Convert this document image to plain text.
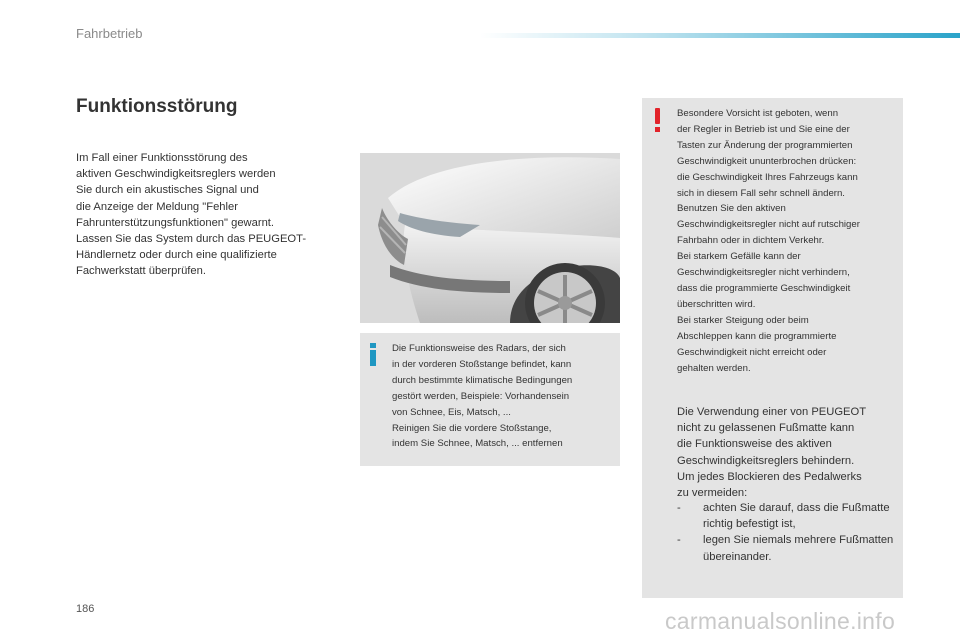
Fahrbetrieb
Funktionsstörung
Im Fall einer Funktionsstörung des
aktiven Geschwindigkeitsreglers werden
Sie durch ein akustisches Signal und
die Anzeige der Meldung "Fehler
Fahrunterstützungsfunktionen" gewarnt.
Lassen Sie das System durch das PEUGEOT-
Händlernetz oder durch eine qualifizierte
Fachwerkstatt überprüfen.
Die Funktionsweise des Radars, der sich
in der vorderen Stoßstange befindet, kann
durch bestimmte klimatische Bedingungen
gestört werden, Beispiele: Vorhandensein
von Schnee, Eis, Matsch, ...
Reinigen Sie die vordere Stoßstange,
indem Sie Schnee, Matsch, ... entfernen
Besondere Vorsicht ist geboten, wenn
der Regler in Betrieb ist und Sie eine der
Tasten zur Änderung der programmierten
Geschwindigkeit ununterbrochen drücken:
die Geschwindigkeit Ihres Fahrzeugs kann
sich in diesem Fall sehr schnell ändern.
Benutzen Sie den aktiven
Geschwindigkeitsregler nicht auf rutschiger
Fahrbahn oder in dichtem Verkehr.
Bei starkem Gefälle kann der
Geschwindigkeitsregler nicht verhindern,
dass die programmierte Geschwindigkeit
überschritten wird.
Bei starker Steigung oder beim
Abschleppen kann die programmierte
Geschwindigkeit nicht erreicht oder
gehalten werden.
Die Verwendung einer von PEUGEOT
nicht zu gelassenen Fußmatte kann
die Funktionsweise des aktiven
Geschwindigkeitsreglers behindern.
Um jedes Blockieren des Pedalwerks
zu vermeiden:
- achten Sie darauf, dass die Fußmatte richtig befestigt ist,
- legen Sie niemals mehrere Fußmatten übereinander.
186	carmanualsonline.info
